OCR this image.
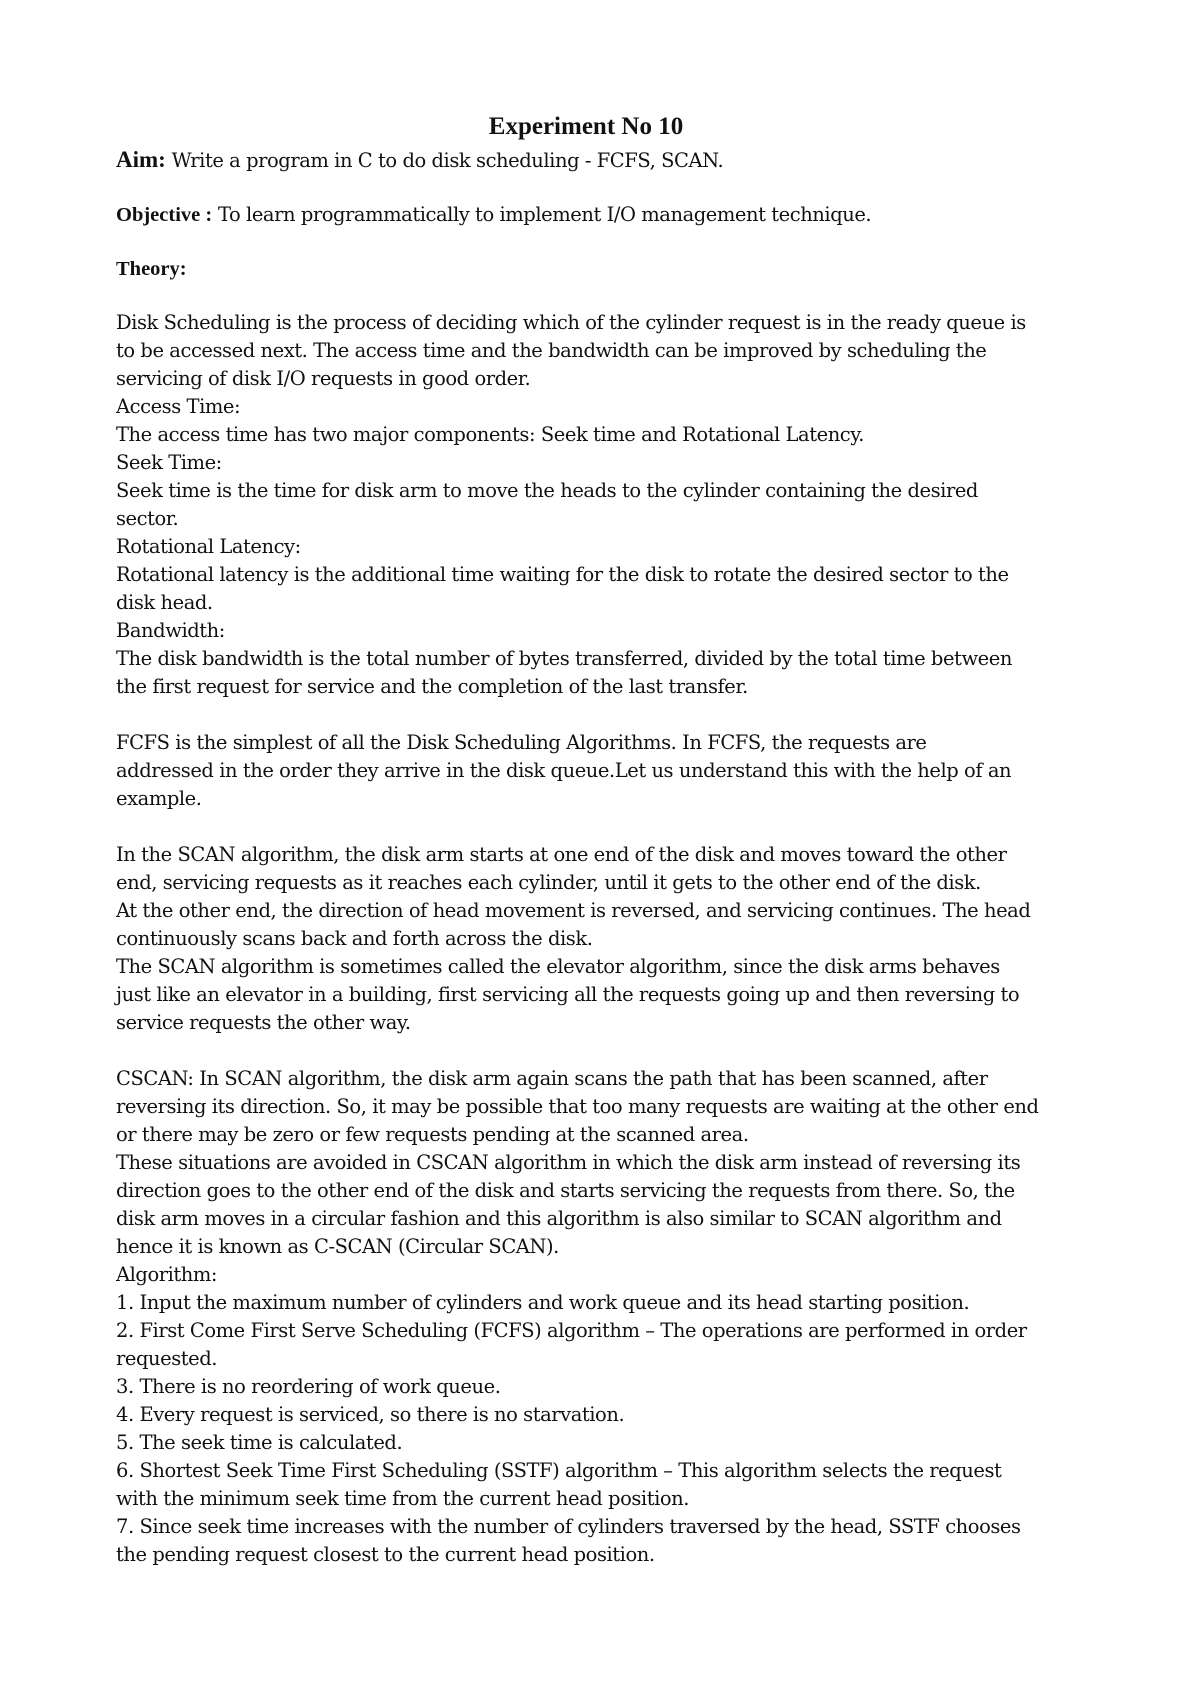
Experiment No 10
Aim: Write a program in C to do disk scheduling - FCFS, SCAN.
Objective : To learn programmatically to implement I/O management technique.
Theory:
Disk Scheduling is the process of deciding which of the cylinder request is in the ready queue is
to be accessed next. The access time and the bandwidth can be improved by scheduling the
servicing of disk I/O requests in good order.
Access Time:
The access time has two major components: Seek time and Rotational Latency.
Seek Time:
Seek time is the time for disk arm to move the heads to the cylinder containing the desired
sector.
Rotational Latency:
Rotational latency is the additional time waiting for the disk to rotate the desired sector to the
disk head.
Bandwidth:
The disk bandwidth is the total number of bytes transferred, divided by the total time between
the first request for service and the completion of the last transfer.
FCFS is the simplest of all the Disk Scheduling Algorithms. In FCFS, the requests are
addressed in the order they arrive in the disk queue.Let us understand this with the help of an
example.
In the SCAN algorithm, the disk arm starts at one end of the disk and moves toward the other
end, servicing requests as it reaches each cylinder, until it gets to the other end of the disk.
At the other end, the direction of head movement is reversed, and servicing continues. The head
continuously scans back and forth across the disk.
The SCAN algorithm is sometimes called the elevator algorithm, since the disk arms behaves
just like an elevator in a building, first servicing all the requests going up and then reversing to
service requests the other way.
CSCAN: In SCAN algorithm, the disk arm again scans the path that has been scanned, after
reversing its direction. So, it may be possible that too many requests are waiting at the other end
or there may be zero or few requests pending at the scanned area.
These situations are avoided in CSCAN algorithm in which the disk arm instead of reversing its
direction goes to the other end of the disk and starts servicing the requests from there. So, the
disk arm moves in a circular fashion and this algorithm is also similar to SCAN algorithm and
hence it is known as C-SCAN (Circular SCAN).
Algorithm:
1. Input the maximum number of cylinders and work queue and its head starting position.
2. First Come First Serve Scheduling (FCFS) algorithm – The operations are performed in order
requested.
3. There is no reordering of work queue.
4. Every request is serviced, so there is no starvation.
5. The seek time is calculated.
6. Shortest Seek Time First Scheduling (SSTF) algorithm – This algorithm selects the request
with the minimum seek time from the current head position.
7. Since seek time increases with the number of cylinders traversed by the head, SSTF chooses
the pending request closest to the current head position.
